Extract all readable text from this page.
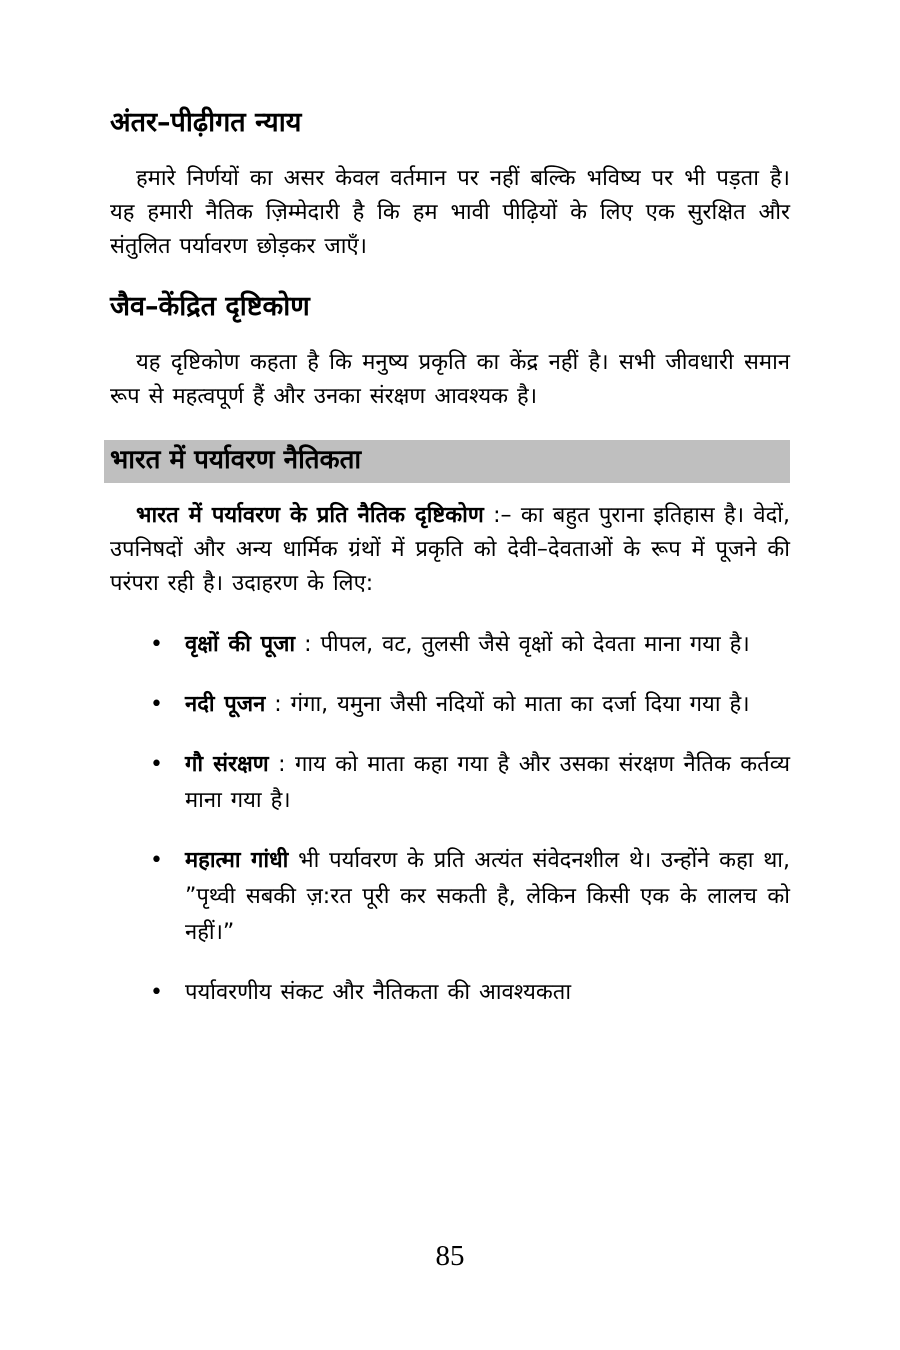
अंतर–पीढ़ीगत न्याय

हमारे निर्णयों का असर केवल वर्तमान पर नहीं बल्कि भविष्य पर भी पड़ता है। यह हमारी नैतिक ज़िम्मेदारी है कि हम भावी पीढ़ियों के लिए एक सुरक्षित और संतुलित पर्यावरण छोड़कर जाएँ।

जैव–केंद्रित दृष्टिकोण

यह दृष्टिकोण कहता है कि मनुष्य प्रकृति का केंद्र नहीं है। सभी जीवधारी समान रूप से महत्वपूर्ण हैं और उनका संरक्षण आवश्यक है।

भारत में पर्यावरण नैतिकता

भारत में पर्यावरण के प्रति नैतिक दृष्टिकोण :– का बहुत पुराना इतिहास है। वेदों, उपनिषदों और अन्य धार्मिक ग्रंथों में प्रकृति को देवी–देवताओं के रूप में पूजने की परंपरा रही है। उदाहरण के लिए:

•	वृक्षों की पूजा : पीपल, वट, तुलसी जैसे वृक्षों को देवता माना गया है।
•	नदी पूजन : गंगा, यमुना जैसी नदियों को माता का दर्जा दिया गया है।
•	गौ संरक्षण : गाय को माता कहा गया है और उसका संरक्षण नैतिक कर्तव्य माना गया है।
•	महात्मा गांधी भी पर्यावरण के प्रति अत्यंत संवेदनशील थे। उन्होंने कहा था, ”पृथ्वी सबकी ज़:रत पूरी कर सकती है, लेकिन किसी एक के लालच को नहीं।”
•	पर्यावरणीय संकट और नैतिकता की आवश्यकता
85
